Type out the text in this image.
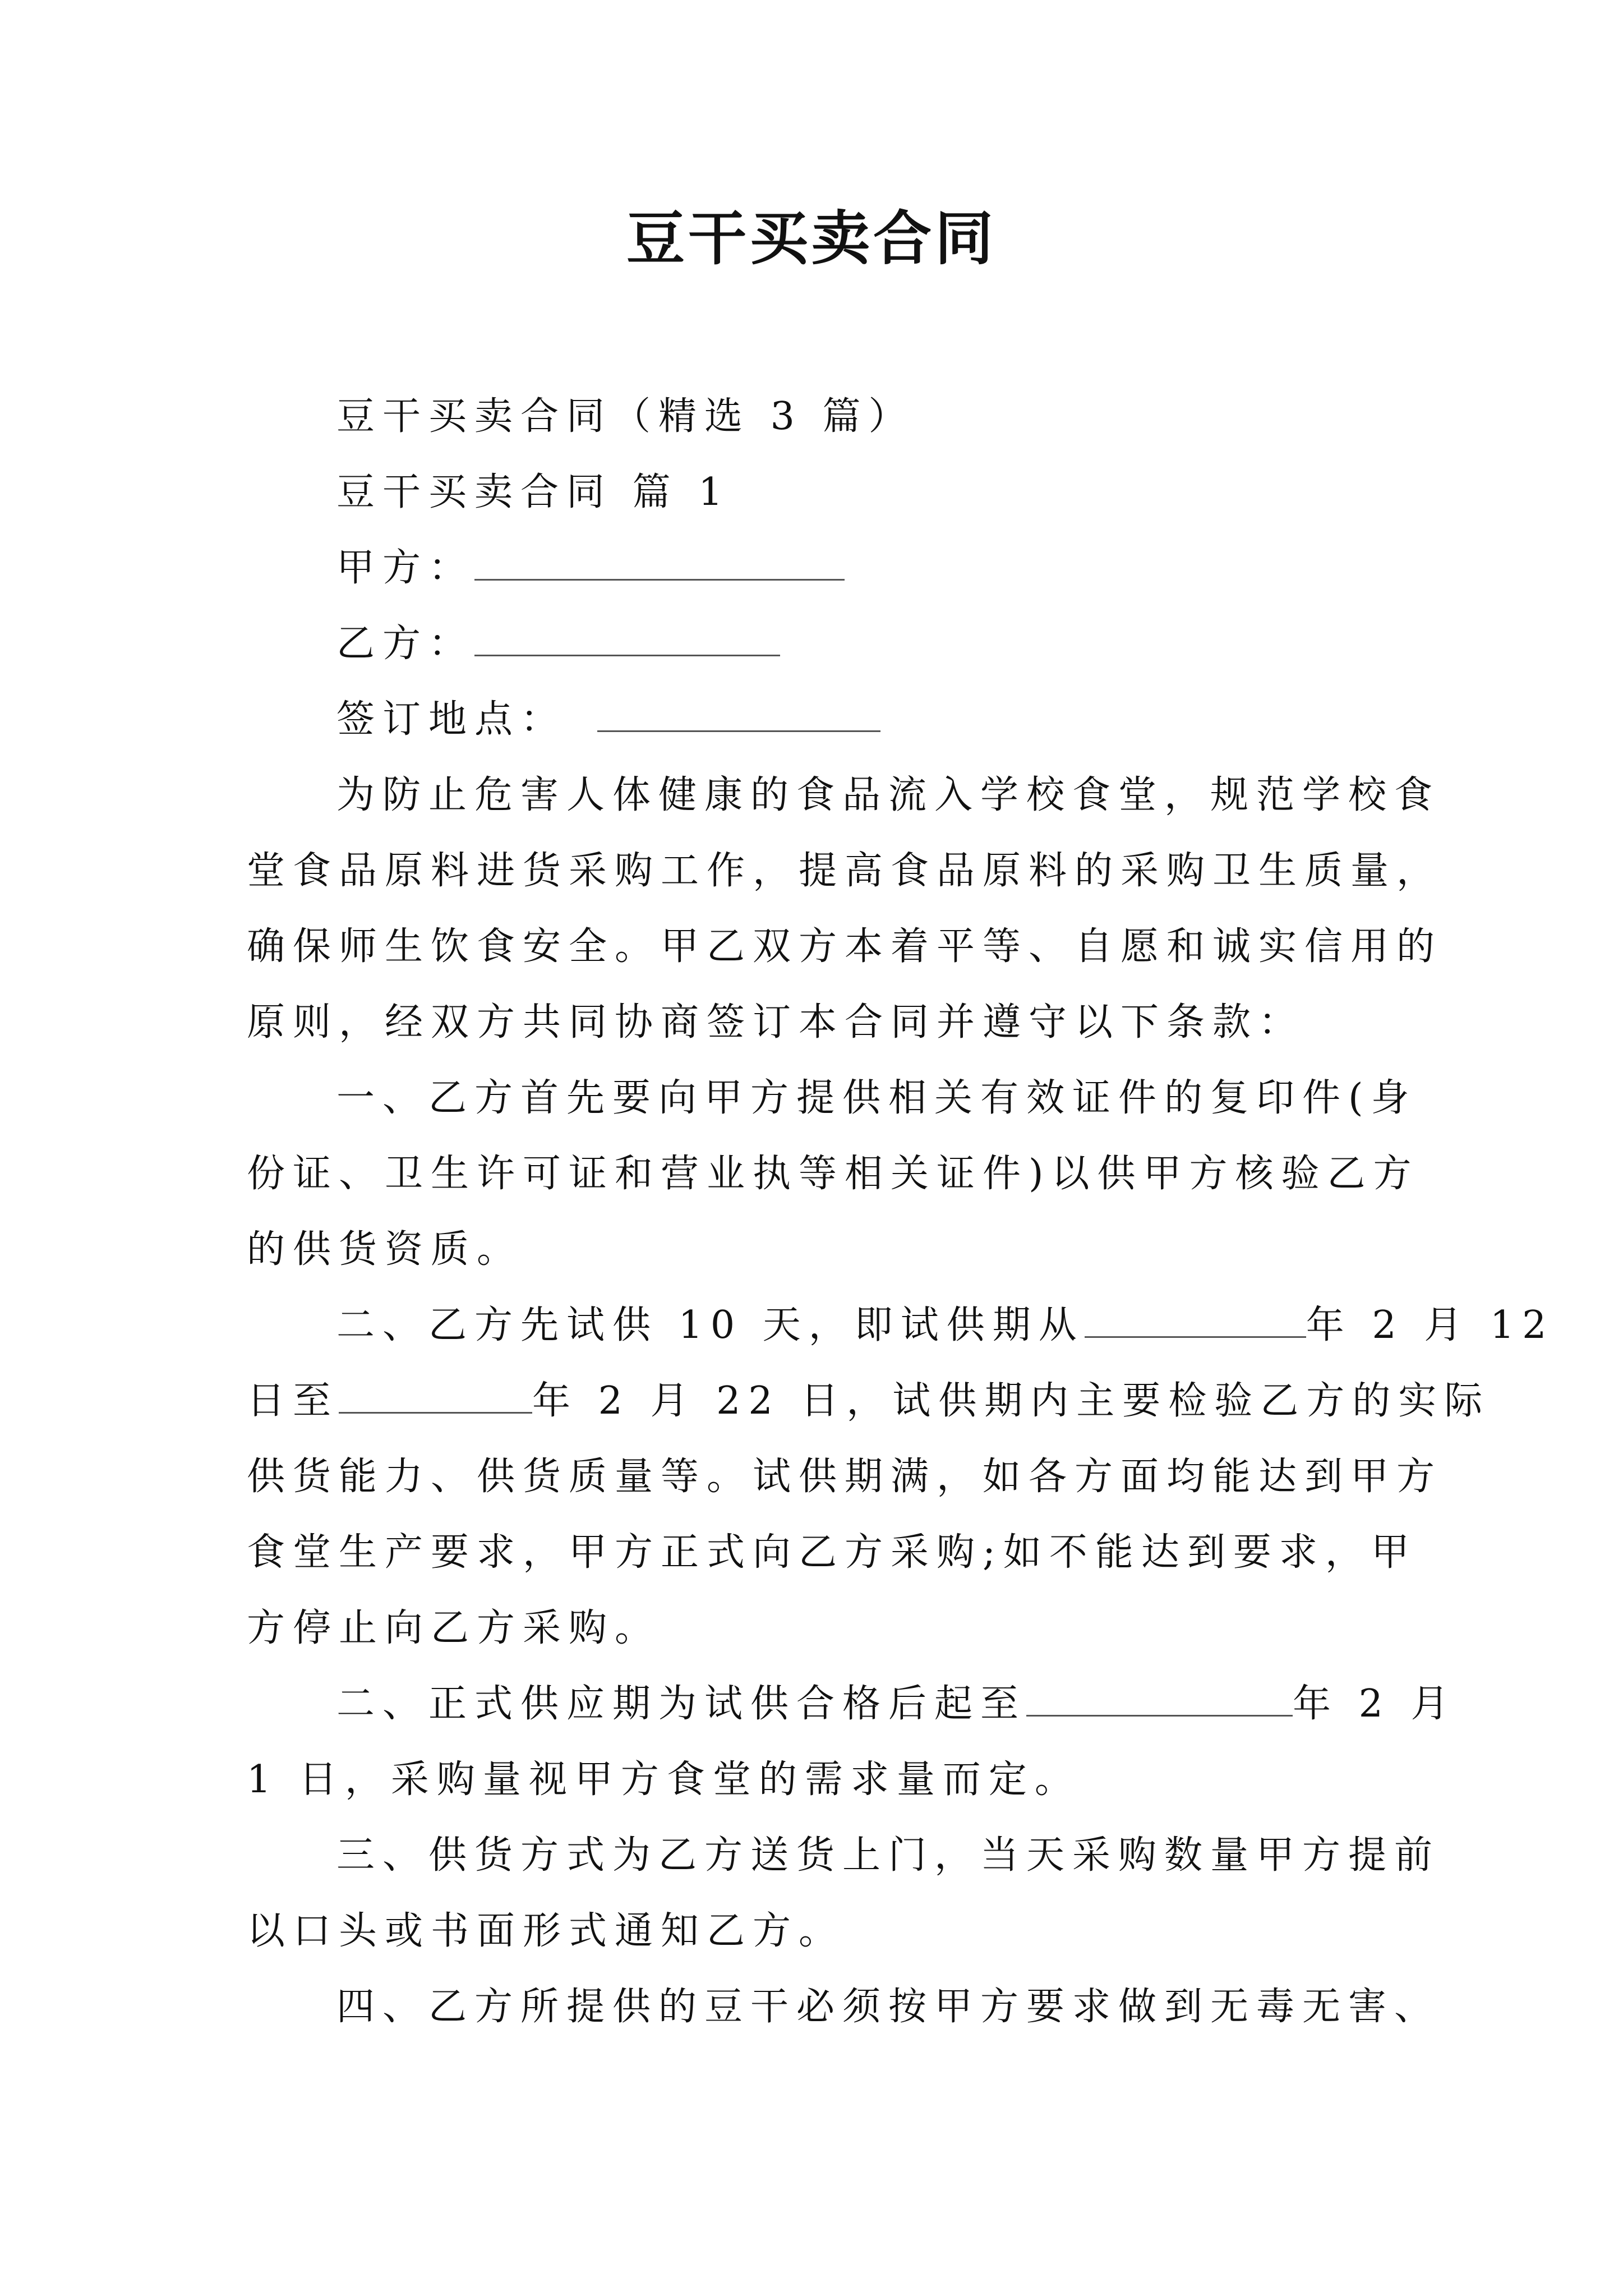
豆干买卖合同
豆干买卖合同（精选 3 篇）
豆干买卖合同 篇 1
甲方：
乙方：
签订地点：
为防止危害人体健康的食品流入学校食堂，规范学校食
堂食品原料进货采购工作，提高食品原料的采购卫生质量，
确保师生饮食安全。甲乙双方本着平等、自愿和诚实信用的
原则，经双方共同协商签订本合同并遵守以下条款：
一、乙方首先要向甲方提供相关有效证件的复印件(身
份证、卫生许可证和营业执等相关证件)以供甲方核验乙方
的供货资质。
二、乙方先试供 10 天，即试供期从	年 2 月 12
日至	年 2 月 22 日，试供期内主要检验乙方的实际
供货能力、供货质量等。试供期满，如各方面均能达到甲方
食堂生产要求，甲方正式向乙方采购;如不能达到要求，甲
方停止向乙方采购。
二、正式供应期为试供合格后起至	年 2 月
1 日，采购量视甲方食堂的需求量而定。
三、供货方式为乙方送货上门，当天采购数量甲方提前
以口头或书面形式通知乙方。
四、乙方所提供的豆干必须按甲方要求做到无毒无害、
